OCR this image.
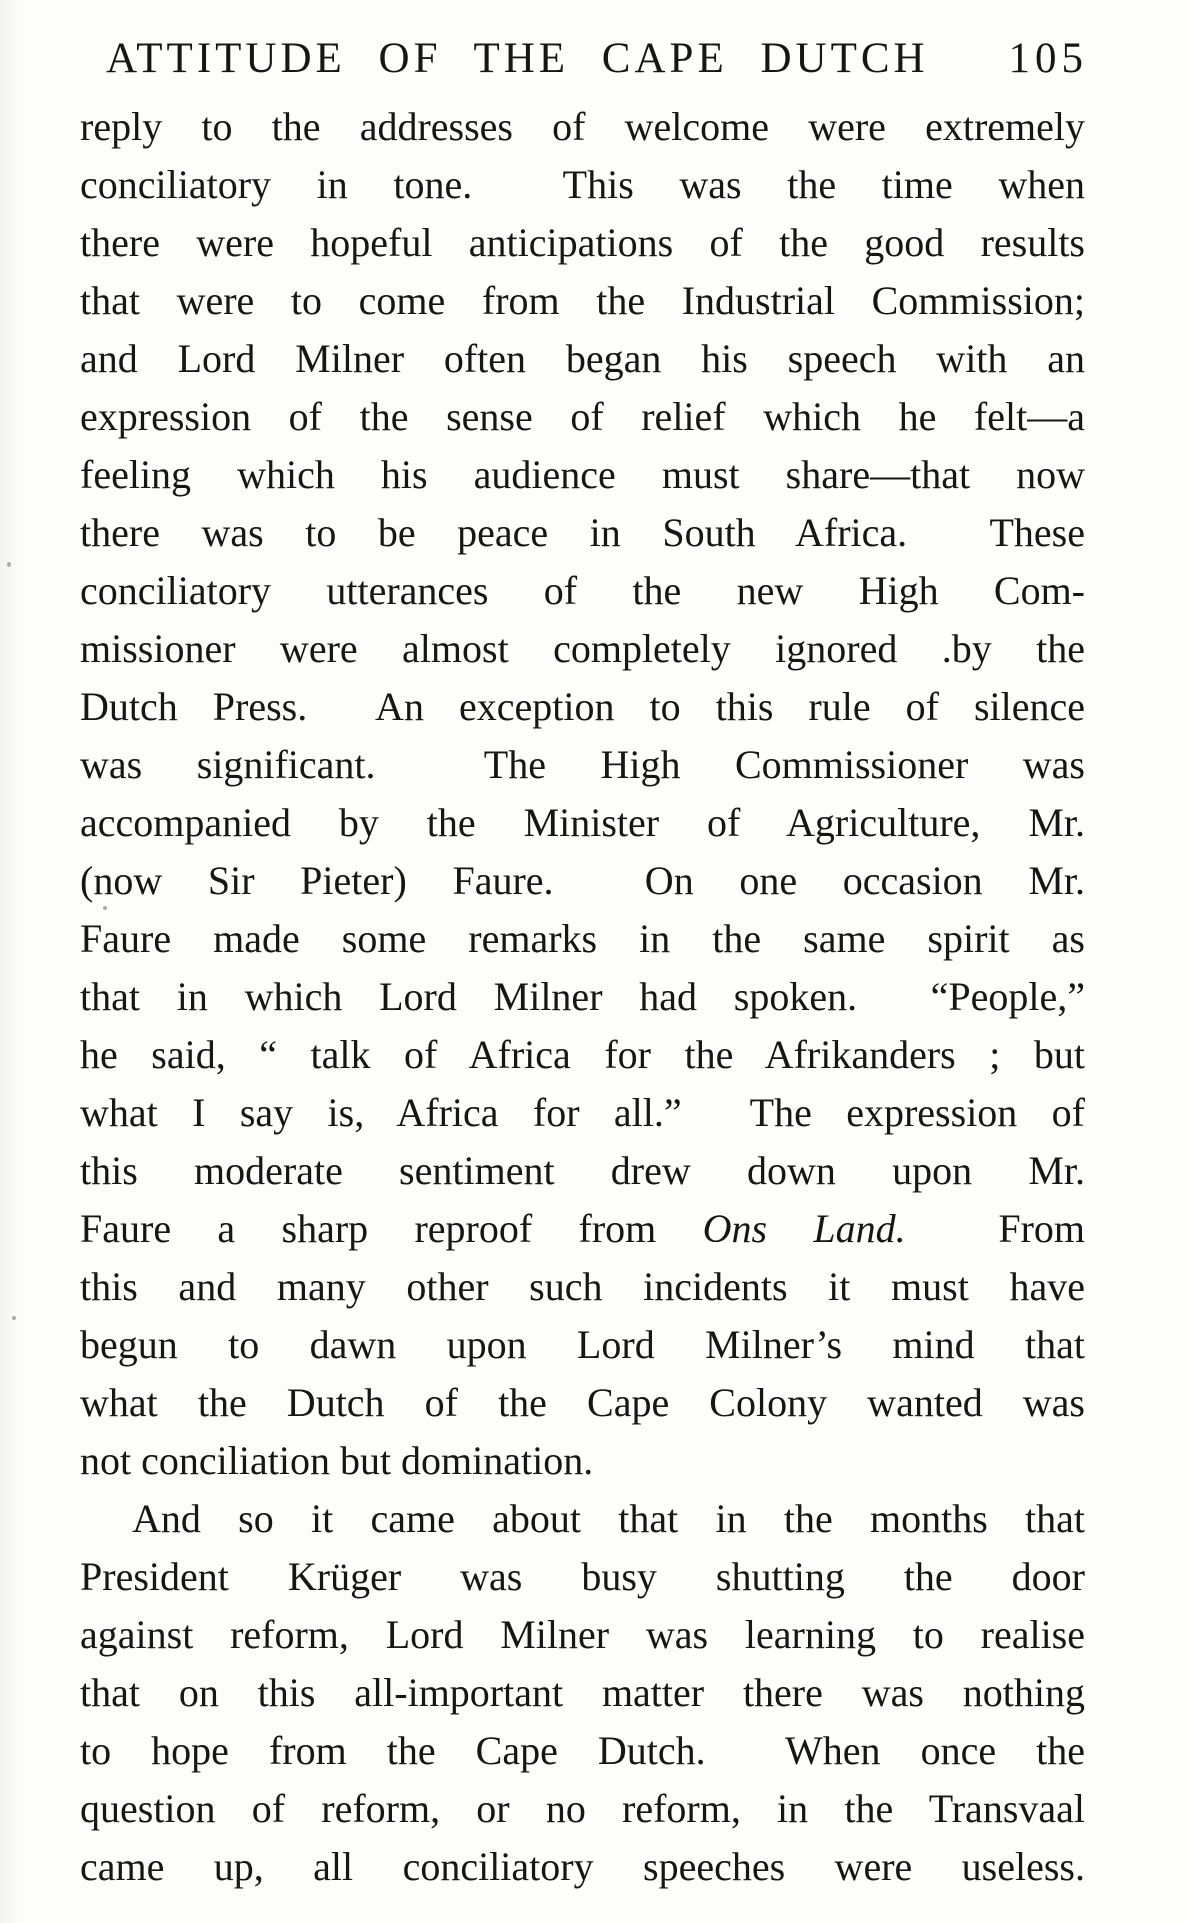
ATTITUDE OF THE CAPE DUTCH	105
reply to the addresses of welcome were extremely
conciliatory in tone.  This was the time when
there were hopeful anticipations of the good results
that were to come from the Industrial Commission;
and Lord Milner often began his speech with an
expression of the sense of relief which he felt—a
feeling which his audience must share—that now
there was to be peace in South Africa.  These
conciliatory utterances of the new High Com-
missioner were almost completely ignored .by the
Dutch Press.  An exception to this rule of silence
was significant.  The High Commissioner was
accompanied by the Minister of Agriculture, Mr.
(now Sir Pieter) Faure.  On one occasion Mr.
Faure made some remarks in the same spirit as
that in which Lord Milner had spoken.  “People,”
he said, “ talk of Africa for the Afrikanders ; but
what I say is, Africa for all.”  The expression of
this moderate sentiment drew down upon Mr.
Faure a sharp reproof from Ons Land.  From
this and many other such incidents it must have
begun to dawn upon Lord Milner’s mind that
what the Dutch of the Cape Colony wanted was
not conciliation but domination.
And so it came about that in the months that
President Krüger was busy shutting the door
against reform, Lord Milner was learning to realise
that on this all-important matter there was nothing
to hope from the Cape Dutch.  When once the
question of reform, or no reform, in the Transvaal
came up, all conciliatory speeches were useless.
